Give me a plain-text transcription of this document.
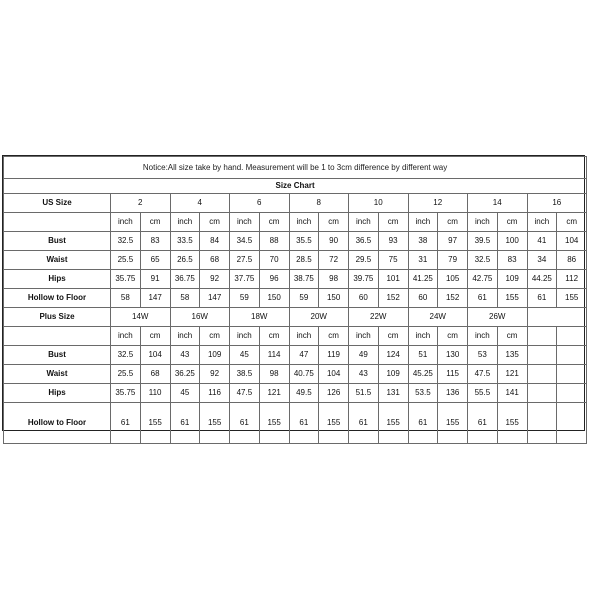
Notice:All size take by hand. Measurement will be 1 to 3cm difference by different way																
Size Chart																
US Size	2		4		6		8		10		12		14		16	
	inch	cm	inch	cm	inch	cm	inch	cm	inch	cm	inch	cm	inch	cm	inch	cm
Bust	32.5	83	33.5	84	34.5	88	35.5	90	36.5	93	38	97	39.5	100	41	104
Waist	25.5	65	26.5	68	27.5	70	28.5	72	29.5	75	31	79	32.5	83	34	86
Hips	35.75	91	36.75	92	37.75	96	38.75	98	39.75	101	41.25	105	42.75	109	44.25	112
Hollow to Floor	58	147	58	147	59	150	59	150	60	152	60	152	61	155	61	155
Plus Size	14W		16W		18W		20W		22W		24W		26W			
	inch	cm	inch	cm	inch	cm	inch	cm	inch	cm	inch	cm	inch	cm		
Bust	32.5	104	43	109	45	114	47	119	49	124	51	130	53	135		
Waist	25.5	68	36.25	92	38.5	98	40.75	104	43	109	45.25	115	47.5	121		
Hips	35.75	110	45	116	47.5	121	49.5	126	51.5	131	53.5	136	55.5	141		
Hollow to Floor	61	155	61	155	61	155	61	155	61	155	61	155	61	155		
